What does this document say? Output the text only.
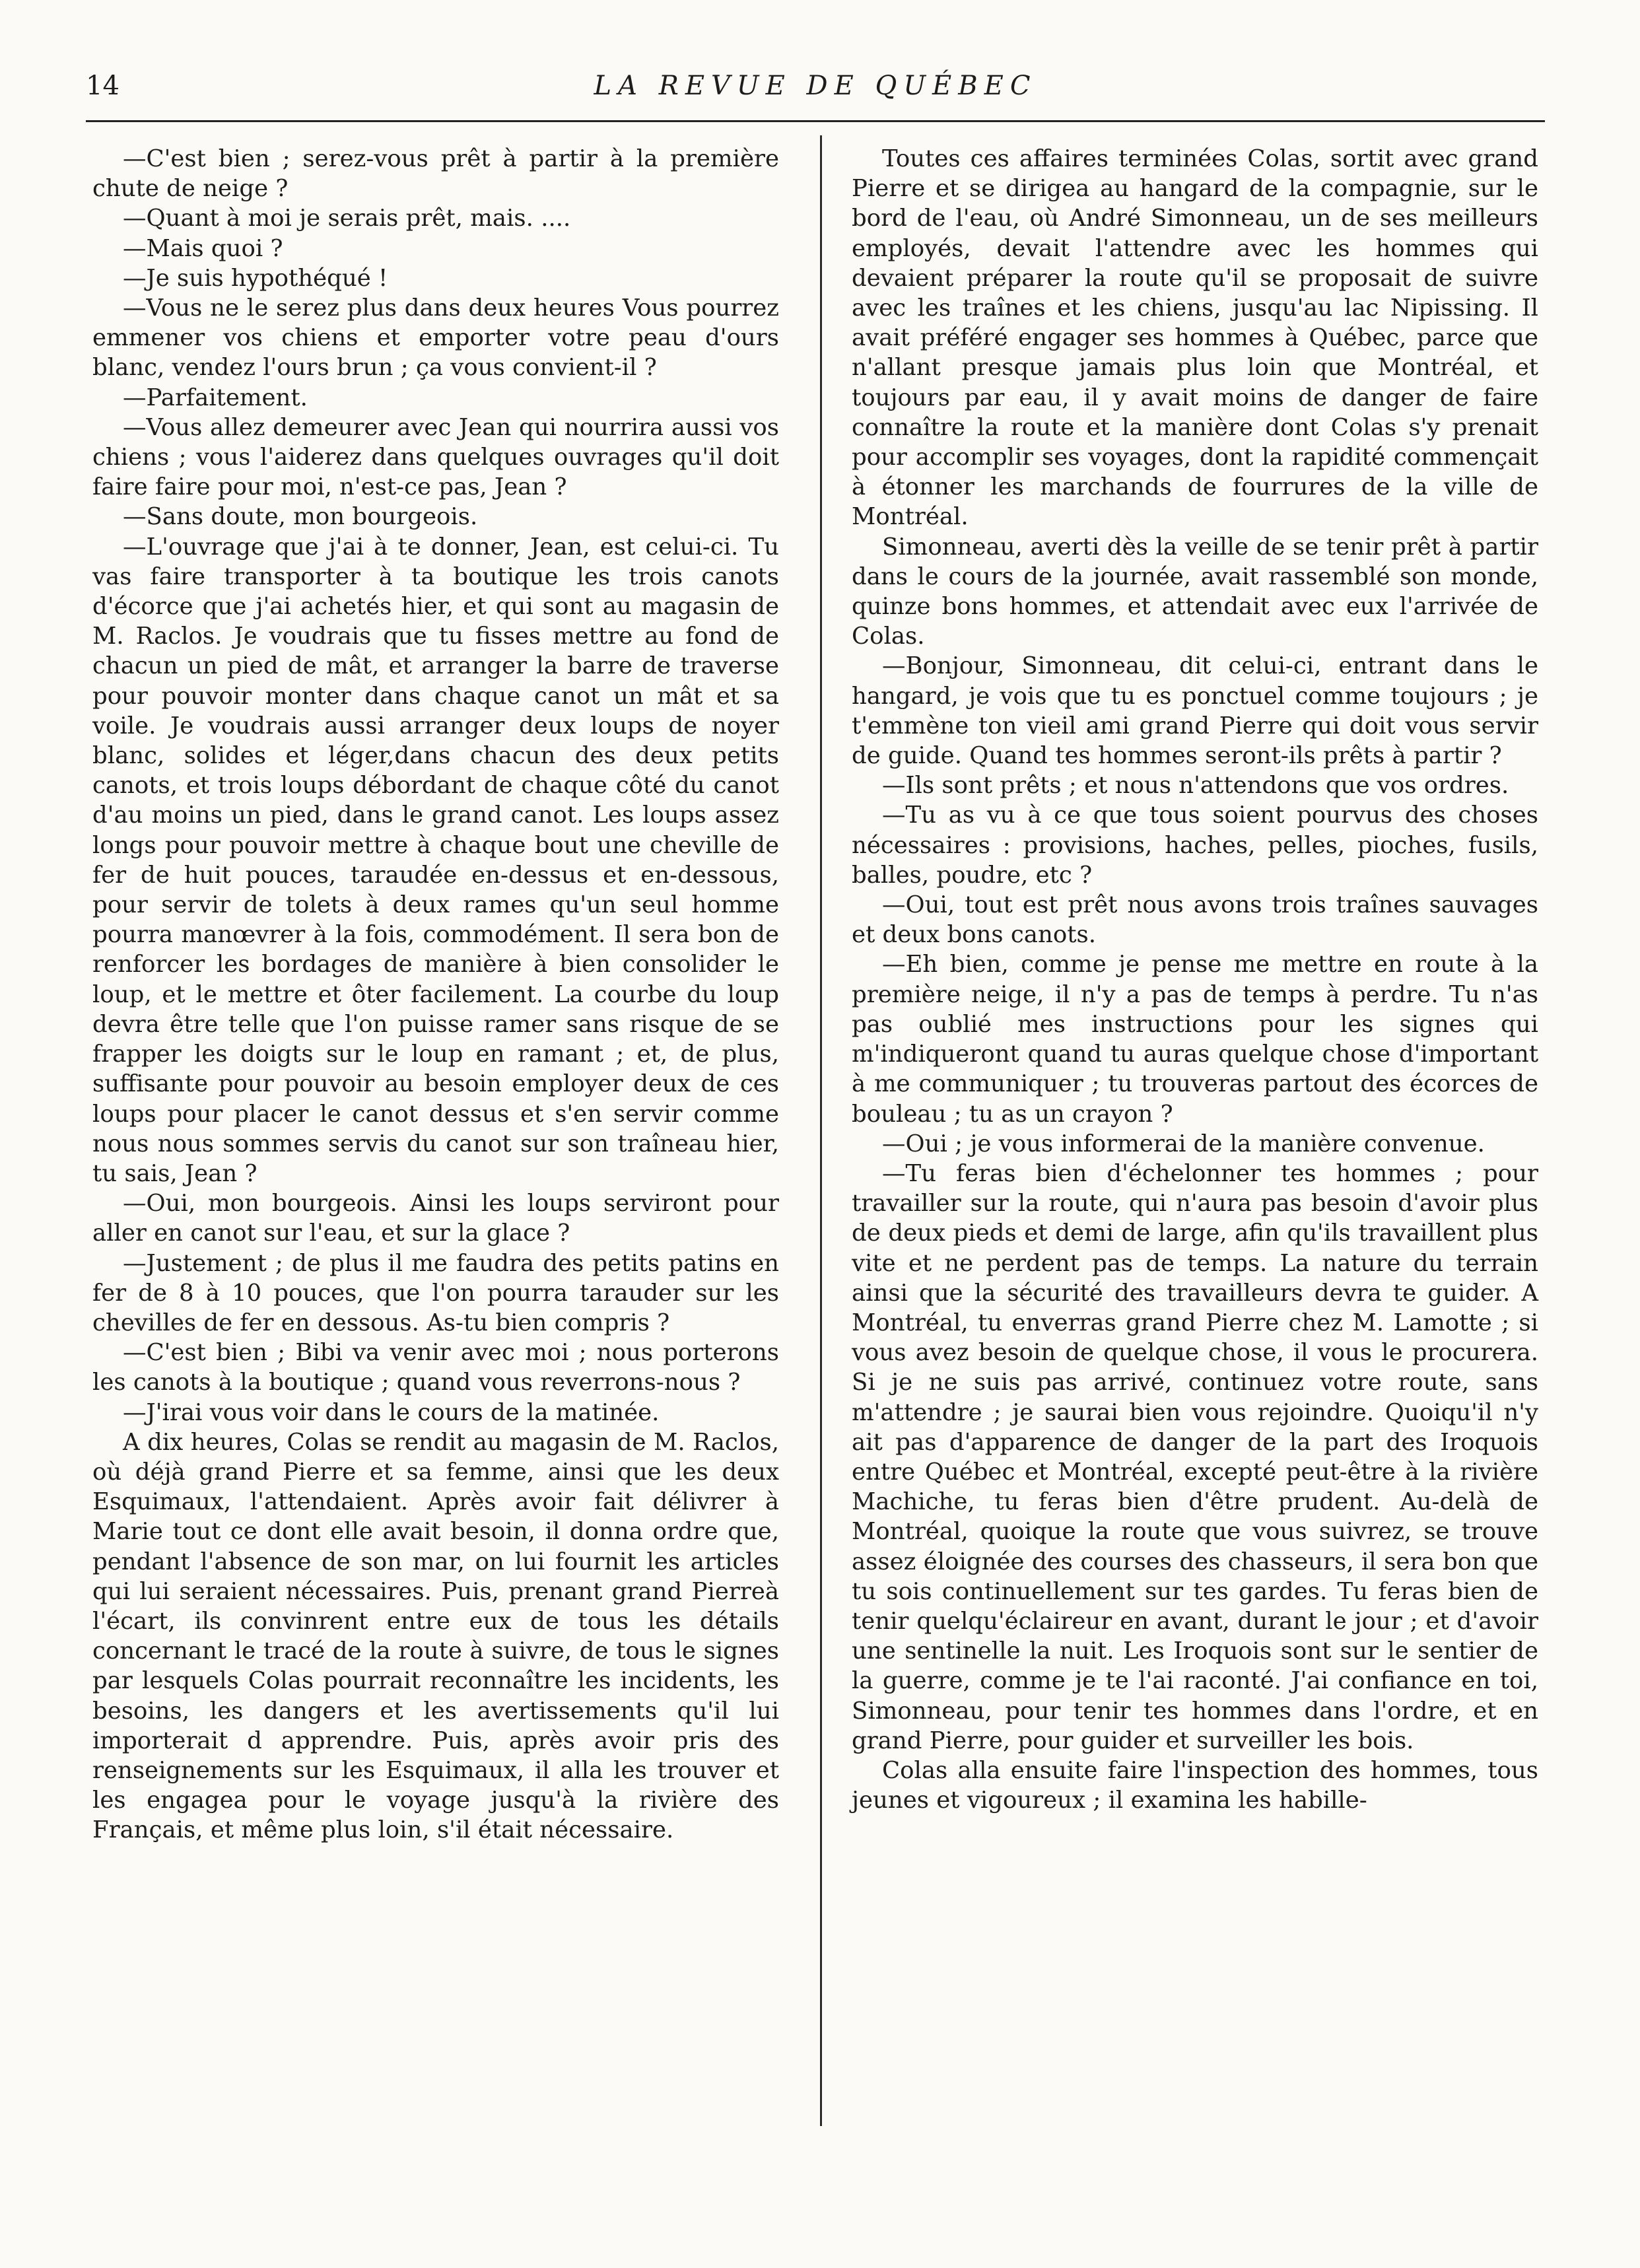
14	LA REVUE DE QUÉBEC

—C'est bien ; serez-vous prêt à partir à la première chute de neige ?

—Quant à moi je serais prêt, mais. ....

—Mais quoi ?

—Je suis hypothéqué !

—Vous ne le serez plus dans deux heures Vous pourrez emmener vos chiens et emporter votre peau d'ours blanc, vendez l'ours brun ; ça vous convient-il ?

—Parfaitement.

—Vous allez demeurer avec Jean qui nourrira aussi vos chiens ; vous l'aiderez dans quelques ouvrages qu'il doit faire faire pour moi, n'est-ce pas, Jean ?

—Sans doute, mon bourgeois.

—L'ouvrage que j'ai à te donner, Jean, est celui-ci. Tu vas faire transporter à ta boutique les trois canots d'écorce que j'ai achetés hier, et qui sont au magasin de M. Raclos. Je voudrais que tu fisses mettre au fond de chacun un pied de mât, et arranger la barre de traverse pour pouvoir monter dans chaque canot un mât et sa voile. Je voudrais aussi arranger deux loups de noyer blanc, solides et léger,dans chacun des deux petits canots, et trois loups débordant de chaque côté du canot d'au moins un pied, dans le grand canot. Les loups assez longs pour pouvoir mettre à chaque bout une cheville de fer de huit pouces, taraudée en-dessus et en-dessous, pour servir de tolets à deux rames qu'un seul homme pourra manœvrer à la fois, commodément. Il sera bon de renforcer les bordages de manière à bien consolider le loup, et le mettre et ôter facilement. La courbe du loup devra être telle que l'on puisse ramer sans risque de se frapper les doigts sur le loup en ramant ; et, de plus, suffisante pour pouvoir au besoin employer deux de ces loups pour placer le canot dessus et s'en servir comme nous nous sommes servis du canot sur son traîneau hier, tu sais, Jean ?

—Oui, mon bourgeois. Ainsi les loups serviront pour aller en canot sur l'eau, et sur la glace ?

—Justement ; de plus il me faudra des petits patins en fer de 8 à 10 pouces, que l'on pourra tarauder sur les chevilles de fer en dessous. As-tu bien compris ?

—C'est bien ; Bibi va venir avec moi ; nous porterons les canots à la boutique ; quand vous reverrons-nous ?

—J'irai vous voir dans le cours de la matinée.

A dix heures, Colas se rendit au magasin de M. Raclos, où déjà grand Pierre et sa femme, ainsi que les deux Esquimaux, l'attendaient. Après avoir fait délivrer à Marie tout ce dont elle avait besoin, il donna ordre que, pendant l'absence de son mar, on lui fournit les articles qui lui seraient nécessaires. Puis, prenant grand Pierreà l'écart, ils convinrent entre eux de tous les détails concernant le tracé de la route à suivre, de tous le signes par lesquels Colas pourrait reconnaître les incidents, les besoins, les dangers et les avertissements qu'il lui importerait d apprendre. Puis, après avoir pris des renseignements sur les Esquimaux, il alla les trouver et les engagea pour le voyage jusqu'à la rivière des Français, et même plus loin, s'il était nécessaire.

Toutes ces affaires terminées Colas, sortit avec grand Pierre et se dirigea au hangard de la compagnie, sur le bord de l'eau, où André Simonneau, un de ses meilleurs employés, devait l'attendre avec les hommes qui devaient préparer la route qu'il se proposait de suivre avec les traînes et les chiens, jusqu'au lac Nipissing. Il avait préféré engager ses hommes à Québec, parce que n'allant presque jamais plus loin que Montréal, et toujours par eau, il y avait moins de danger de faire connaître la route et la manière dont Colas s'y prenait pour accomplir ses voyages, dont la rapidité commençait à étonner les marchands de fourrures de la ville de Montréal.

Simonneau, averti dès la veille de se tenir prêt à partir dans le cours de la journée, avait rassemblé son monde, quinze bons hommes, et attendait avec eux l'arrivée de Colas.

—Bonjour, Simonneau, dit celui-ci, entrant dans le hangard, je vois que tu es ponctuel comme toujours ; je t'emmène ton vieil ami grand Pierre qui doit vous servir de guide. Quand tes hommes seront-ils prêts à partir ?

—Ils sont prêts ; et nous n'attendons que vos ordres.

—Tu as vu à ce que tous soient pourvus des choses nécessaires : provisions, haches, pelles, pioches, fusils, balles, poudre, etc ?

—Oui, tout est prêt nous avons trois traînes sauvages et deux bons canots.

—Eh bien, comme je pense me mettre en route à la première neige, il n'y a pas de temps à perdre. Tu n'as pas oublié mes instructions pour les signes qui m'indiqueront quand tu auras quelque chose d'important à me communiquer ; tu trouveras partout des écorces de bouleau ; tu as un crayon ?

—Oui ; je vous informerai de la manière convenue.

—Tu feras bien d'échelonner tes hommes ; pour travailler sur la route, qui n'aura pas besoin d'avoir plus de deux pieds et demi de large, afin qu'ils travaillent plus vite et ne perdent pas de temps. La nature du terrain ainsi que la sécurité des travailleurs devra te guider. A Montréal, tu enverras grand Pierre chez M. Lamotte ; si vous avez besoin de quelque chose, il vous le procurera. Si je ne suis pas arrivé, continuez votre route, sans m'attendre ; je saurai bien vous rejoindre. Quoiqu'il n'y ait pas d'apparence de danger de la part des Iroquois entre Québec et Montréal, excepté peut-être à la rivière Machiche, tu feras bien d'être prudent. Au-delà de Montréal, quoique la route que vous suivrez, se trouve assez éloignée des courses des chasseurs, il sera bon que tu sois continuellement sur tes gardes. Tu feras bien de tenir quelqu'éclaireur en avant, durant le jour ; et d'avoir une sentinelle la nuit. Les Iroquois sont sur le sentier de la guerre, comme je te l'ai raconté. J'ai confiance en toi, Simonneau, pour tenir tes hommes dans l'ordre, et en grand Pierre, pour guider et surveiller les bois.

Colas alla ensuite faire l'inspection des hommes, tous jeunes et vigoureux ; il examina les habille-
